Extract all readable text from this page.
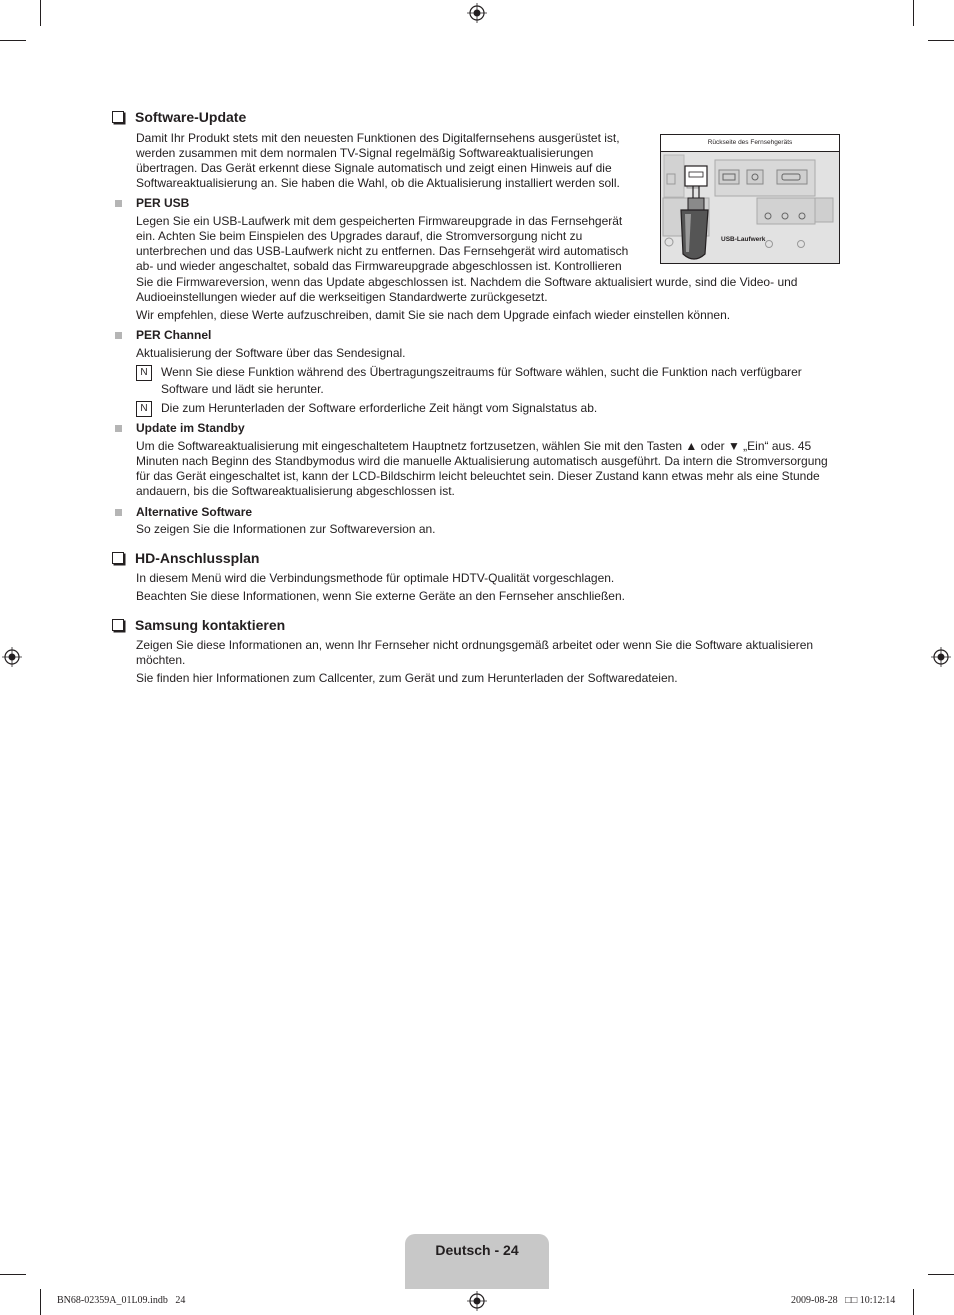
Software-Update
Damit Ihr Produkt stets mit den neuesten Funktionen des Digitalfernsehens ausgerüstet ist, werden zusammen mit dem normalen TV-Signal regelmäßig Softwareaktualisierungen übertragen. Das Gerät erkennt diese Signale automatisch und zeigt einen Hinweis auf die Softwareaktualisierung an. Sie haben die Wahl, ob die Aktualisierung installiert werden soll.
Rückseite des Fernsehgeräts
USB-Laufwerk
PER USB
Legen Sie ein USB-Laufwerk mit dem gespeicherten Firmwareupgrade in das Fernsehgerät ein. Achten Sie beim Einspielen des Upgrades darauf, die Stromversorgung nicht zu unterbrechen und das USB-Laufwerk nicht zu entfernen. Das Fernsehgerät wird automatisch ab- und wieder angeschaltet, sobald das Firmwareupgrade abgeschlossen ist. Kontrollieren
Sie die Firmwareversion, wenn das Update abgeschlossen ist. Nachdem die Software aktualisiert wurde, sind die Video- und Audioeinstellungen wieder auf die werkseitigen Standardwerte zurückgesetzt.
Wir empfehlen, diese Werte aufzuschreiben, damit Sie sie nach dem Upgrade einfach wieder einstellen können.
PER Channel
Aktualisierung der Software über das Sendesignal.
N	Wenn Sie diese Funktion während des Übertragungszeitraums für Software wählen, sucht die Funktion nach verfügbarer Software und lädt sie herunter.
N	Die zum Herunterladen der Software erforderliche Zeit hängt vom Signalstatus ab.
Update im Standby
Um die Softwareaktualisierung mit eingeschaltetem Hauptnetz fortzusetzen, wählen Sie mit den Tasten ▲ oder ▼ „Ein“ aus. 45 Minuten nach Beginn des Standbymodus wird die manuelle Aktualisierung automatisch ausgeführt. Da intern die Stromversorgung für das Gerät eingeschaltet ist, kann der LCD-Bildschirm leicht beleuchtet sein. Dieser Zustand kann etwas mehr als eine Stunde andauern, bis die Softwareaktualisierung abgeschlossen ist.
Alternative Software
So zeigen Sie die Informationen zur Softwareversion an.
HD-Anschlussplan
In diesem Menü wird die Verbindungsmethode für optimale HDTV-Qualität vorgeschlagen.
Beachten Sie diese Informationen, wenn Sie externe Geräte an den Fernseher anschließen.
Samsung kontaktieren
Zeigen Sie diese Informationen an, wenn Ihr Fernseher nicht ordnungsgemäß arbeitet oder wenn Sie die Software aktualisieren möchten.
Sie finden hier Informationen zum Callcenter, zum Gerät und zum Herunterladen der Softwaredateien.
Deutsch - 24
BN68-02359A_01L09.indb   24	2009-08-28   □□ 10:12:14
